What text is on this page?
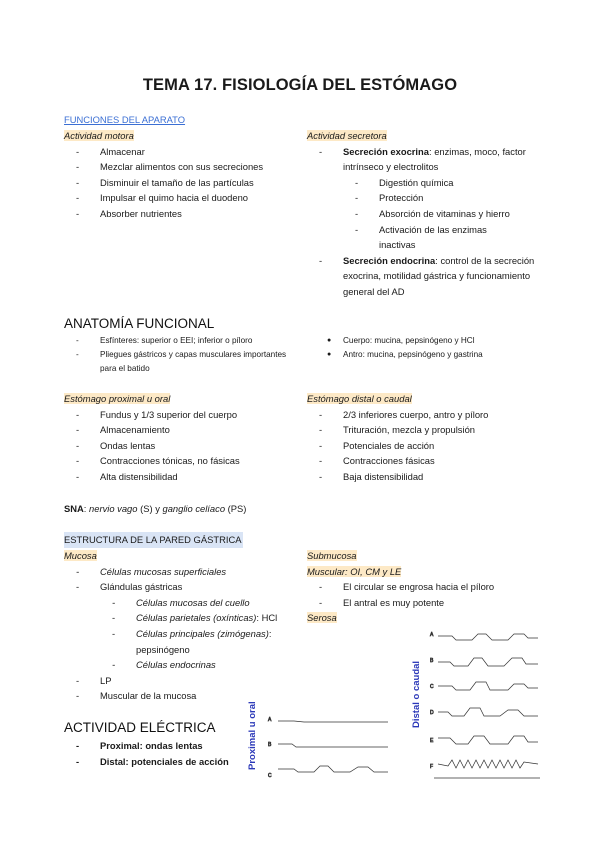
TEMA 17. FISIOLOGÍA DEL ESTÓMAGO
FUNCIONES DEL APARATO
Actividad motora
- Almacenar
- Mezclar alimentos con sus secreciones
- Disminuir el tamaño de las partículas
- Impulsar el quimo hacia el duodeno
- Absorber nutrientes
Actividad secretora
- Secreción exocrina: enzimas, moco, factor intrínseco y electrolitos
- Digestión química
- Protección
- Absorción de vitaminas y hierro
- Activación de las enzimas inactivas
- Secreción endocrina: control de la secreción exocrina, motilidad gástrica y funcionamiento general del AD
ANATOMÍA FUNCIONAL
- Esfínteres: superior o EEI; inferior o píloro
- Pliegues gástricos y capas musculares importantes para el batido
● Cuerpo: mucina, pepsinógeno y HCl
● Antro: mucina, pepsinógeno y gastrina
Estómago proximal u oral
- Fundus y 1/3 superior del cuerpo
- Almacenamiento
- Ondas lentas
- Contracciones tónicas, no fásicas
- Alta distensibilidad
Estómago distal o caudal
- 2/3 inferiores cuerpo, antro y píloro
- Trituración, mezcla y propulsión
- Potenciales de acción
- Contracciones fásicas
- Baja distensibilidad
SNA: nervio vago (S) y ganglio celíaco (PS)
ESTRUCTURA DE LA PARED GÁSTRICA
Mucosa
- Células mucosas superficiales
- Glándulas gástricas
- Células mucosas del cuello
- Células parietales (oxínticas): HCl
- Células principales (zimógenas): pepsinógeno
- Células endocrinas
- LP
- Muscular de la mucosa
Submucosa
Muscular: OI, CM y LE
- El circular se engrosa hacia el píloro
- El antral es muy potente
Serosa
ACTIVIDAD ELÉCTRICA
- Proximal: ondas lentas
- Distal: potenciales de acción	Proximal u oral	A
B
C
Distal o caudal
A
B
C
D
E
F
